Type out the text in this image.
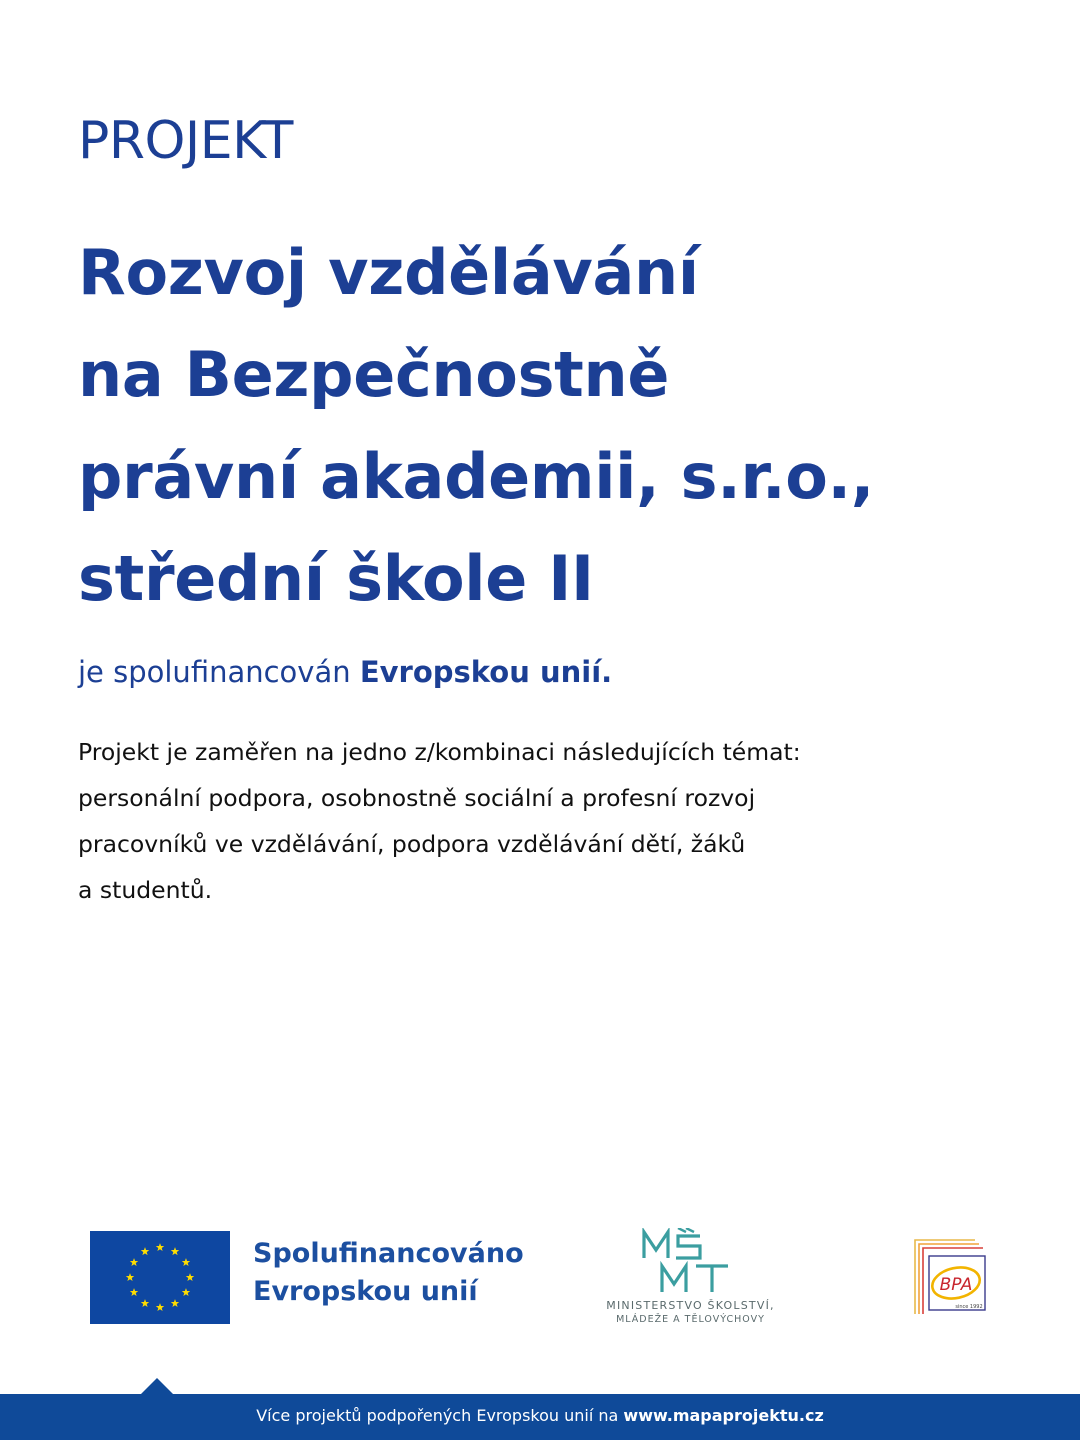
PROJEKT
Rozvoj vzdělávání
na Bezpečnostně
právní akademii, s.r.o.,
střední škole II
je spolufinancován Evropskou unií.
Projekt je zaměřen na jedno z/kombinaci následujících témat:
personální podpora, osobnostně sociální a profesní rozvoj
pracovníků ve vzdělávání, podpora vzdělávání dětí, žáků
a studentů.
Spolufinancováno
Evropskou unií	MINISTERSTVO ŠKOLSTVÍ,
MLÁDEŽE A TĚLOVÝCHOVY
BPA
since 1992
Více projektů podpořených Evropskou unií na www.mapaprojektu.cz
